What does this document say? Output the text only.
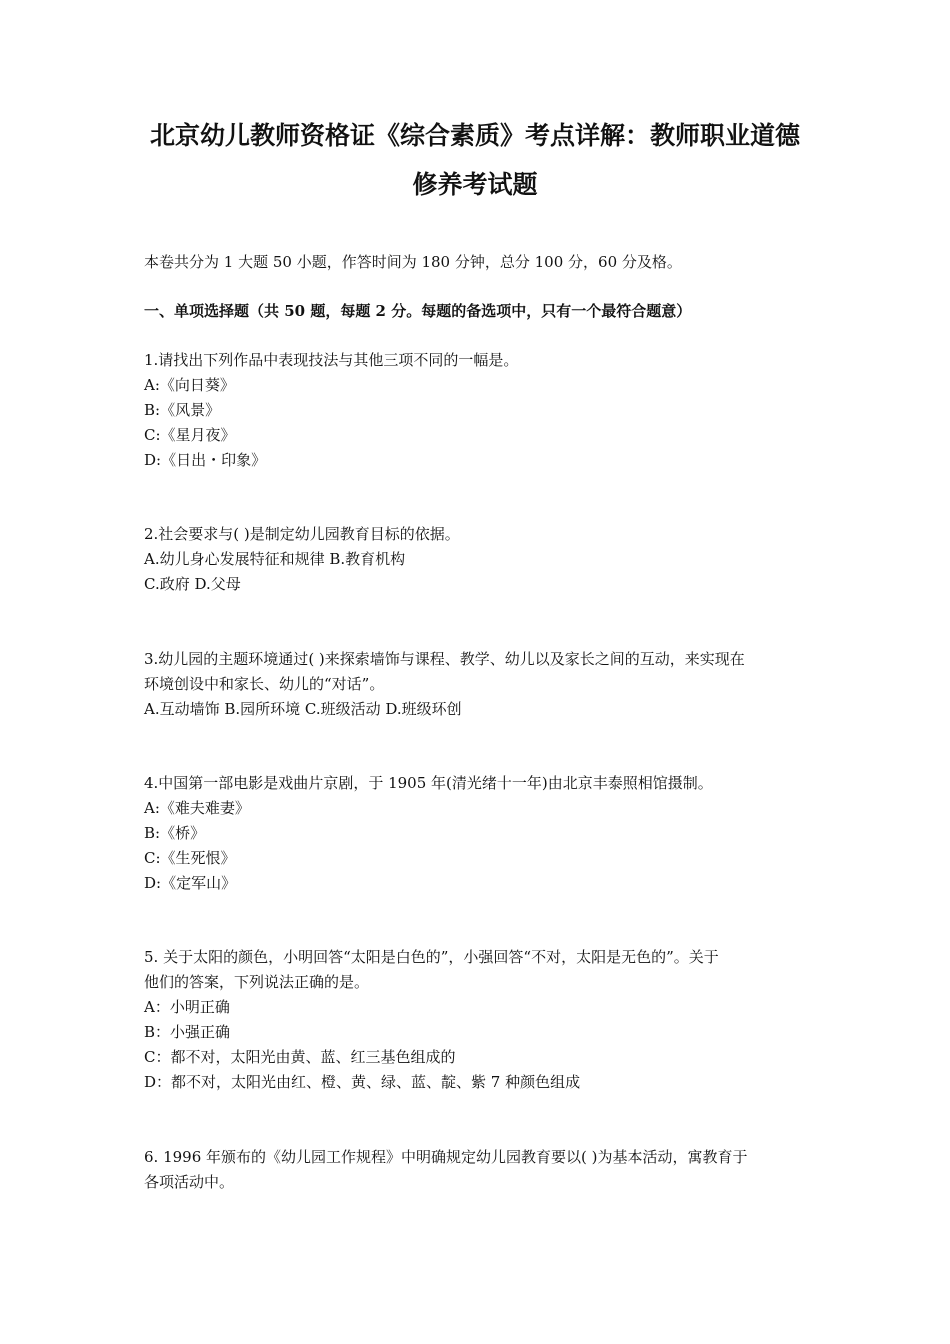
北京幼儿教师资格证《综合素质》考点详解：教师职业道德
修养考试题
本卷共分为 1 大题 50 小题，作答时间为 180 分钟，总分 100 分，60 分及格。
一、单项选择题（共 50 题，每题 2 分。每题的备选项中，只有一个最符合题意）
1.请找出下列作品中表现技法与其他三项不同的一幅是。
A:《向日葵》
B:《风景》
C:《星月夜》
D:《日出・印象》
2.社会要求与( )是制定幼儿园教育目标的依据。
A.幼儿身心发展特征和规律 B.教育机构
C.政府 D.父母
3.幼儿园的主题环境通过( )来探索墙饰与课程、教学、幼儿以及家长之间的互动，来实现在
环境创设中和家长、幼儿的“对话”。
A.互动墙饰 B.园所环境 C.班级活动 D.班级环创
4.中国第一部电影是戏曲片京剧，于 1905 年(清光绪十一年)由北京丰泰照相馆摄制。
A:《难夫难妻》
B:《桥》
C:《生死恨》
D:《定军山》
5. 关于太阳的颜色，小明回答“太阳是白色的”，小强回答“不对，太阳是无色的”。关于
他们的答案，下列说法正确的是。
A：小明正确
B：小强正确
C：都不对，太阳光由黄、蓝、红三基色组成的
D：都不对，太阳光由红、橙、黄、绿、蓝、靛、紫 7 种颜色组成
6. 1996 年颁布的《幼儿园工作规程》中明确规定幼儿园教育要以( )为基本活动，寓教育于
各项活动中。
